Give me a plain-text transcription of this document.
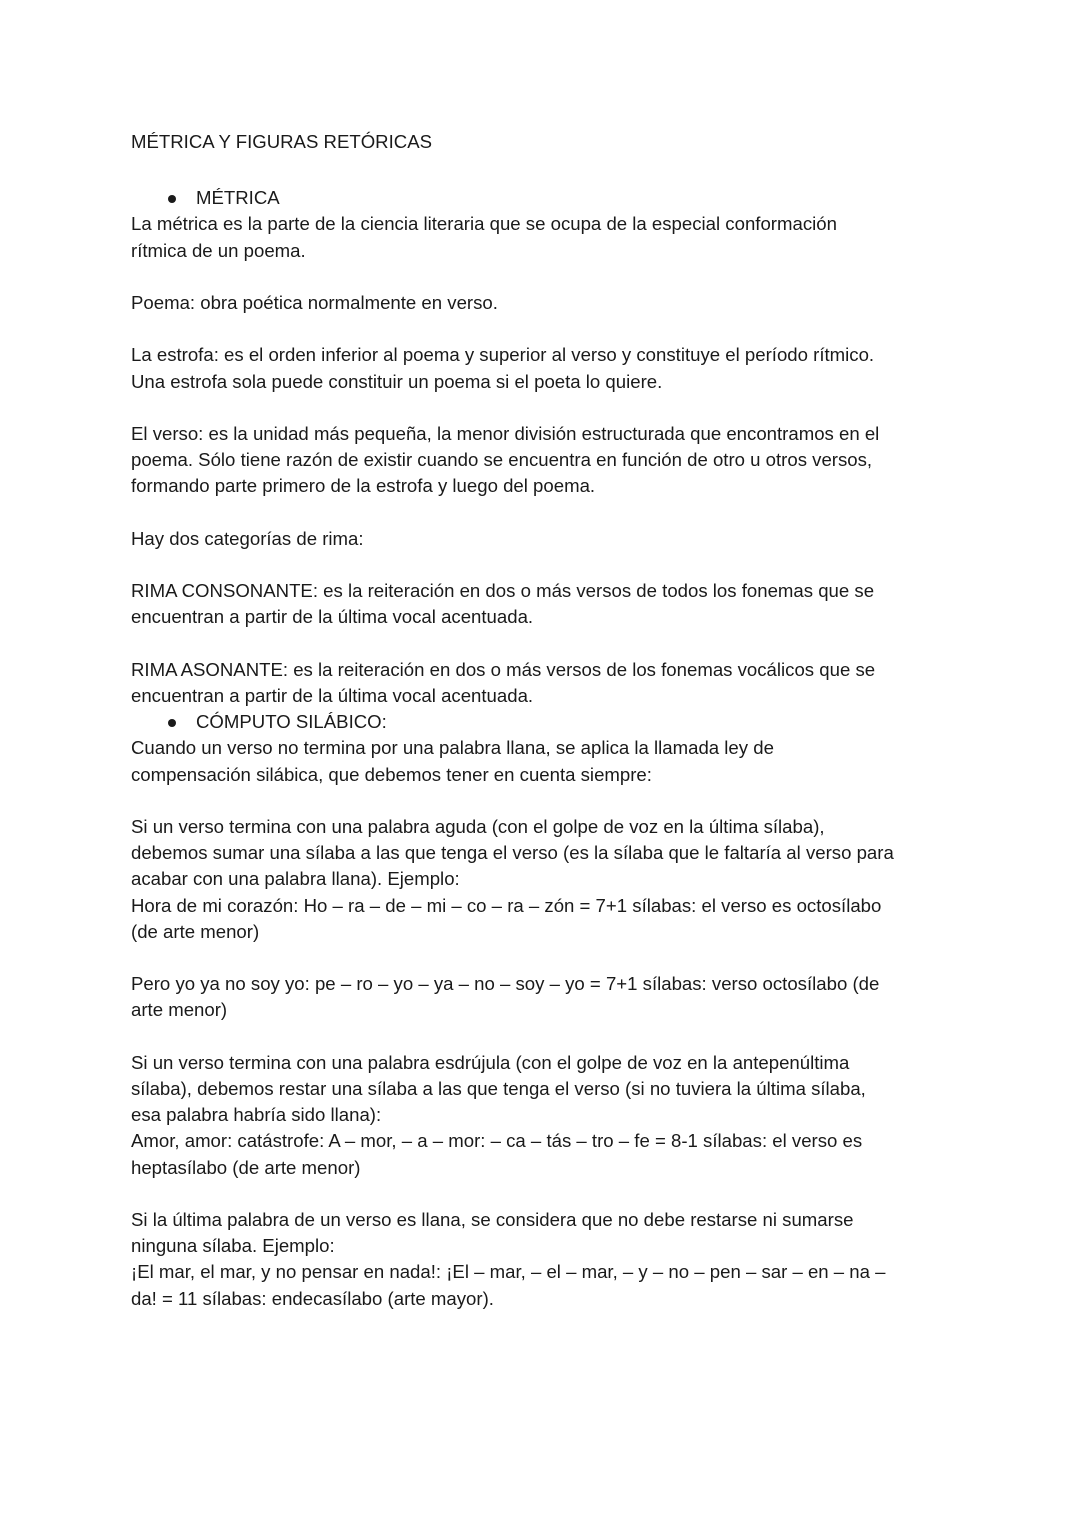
MÉTRICA Y FIGURAS RETÓRICAS
MÉTRICA

La métrica es la parte de la ciencia literaria que se ocupa de la especial conformación
rítmica de un poema.

Poema: obra poética normalmente en verso.

La estrofa: es el orden inferior al poema y superior al verso y constituye el período rítmico.
Una estrofa sola puede constituir un poema si el poeta lo quiere.

El verso: es la unidad más pequeña, la menor división estructurada que encontramos en el
poema. Sólo tiene razón de existir cuando se encuentra en función de otro u otros versos,
formando parte primero de la estrofa y luego del poema.

Hay dos categorías de rima:

RIMA CONSONANTE: es la reiteración en dos o más versos de todos los fonemas que se
encuentran a partir de la última vocal acentuada.

RIMA ASONANTE: es la reiteración en dos o más versos de los fonemas vocálicos que se
encuentran a partir de la última vocal acentuada.

CÓMPUTO SILÁBICO:

Cuando un verso no termina por una palabra llana, se aplica la llamada ley de
compensación silábica, que debemos tener en cuenta siempre:

Si un verso termina con una palabra aguda (con el golpe de voz en la última sílaba),
debemos sumar una sílaba a las que tenga el verso (es la sílaba que le faltaría al verso para
acabar con una palabra llana). Ejemplo:
Hora de mi corazón: Ho – ra – de – mi – co – ra – zón = 7+1 sílabas: el verso es octosílabo
(de arte menor)

Pero yo ya no soy yo: pe – ro – yo – ya – no – soy – yo = 7+1 sílabas: verso octosílabo (de
arte menor)

Si un verso termina con una palabra esdrújula (con el golpe de voz en la antepenúltima
sílaba), debemos restar una sílaba a las que tenga el verso (si no tuviera la última sílaba,
esa palabra habría sido llana):
Amor, amor: catástrofe: A – mor, – a – mor: – ca – tás – tro – fe = 8-1 sílabas: el verso es
heptasílabo (de arte menor)

Si la última palabra de un verso es llana, se considera que no debe restarse ni sumarse
ninguna sílaba. Ejemplo:
¡El mar, el mar, y no pensar en nada!: ¡El – mar, – el – mar, – y – no – pen – sar – en – na –
da! = 11 sílabas: endecasílabo (arte mayor).
